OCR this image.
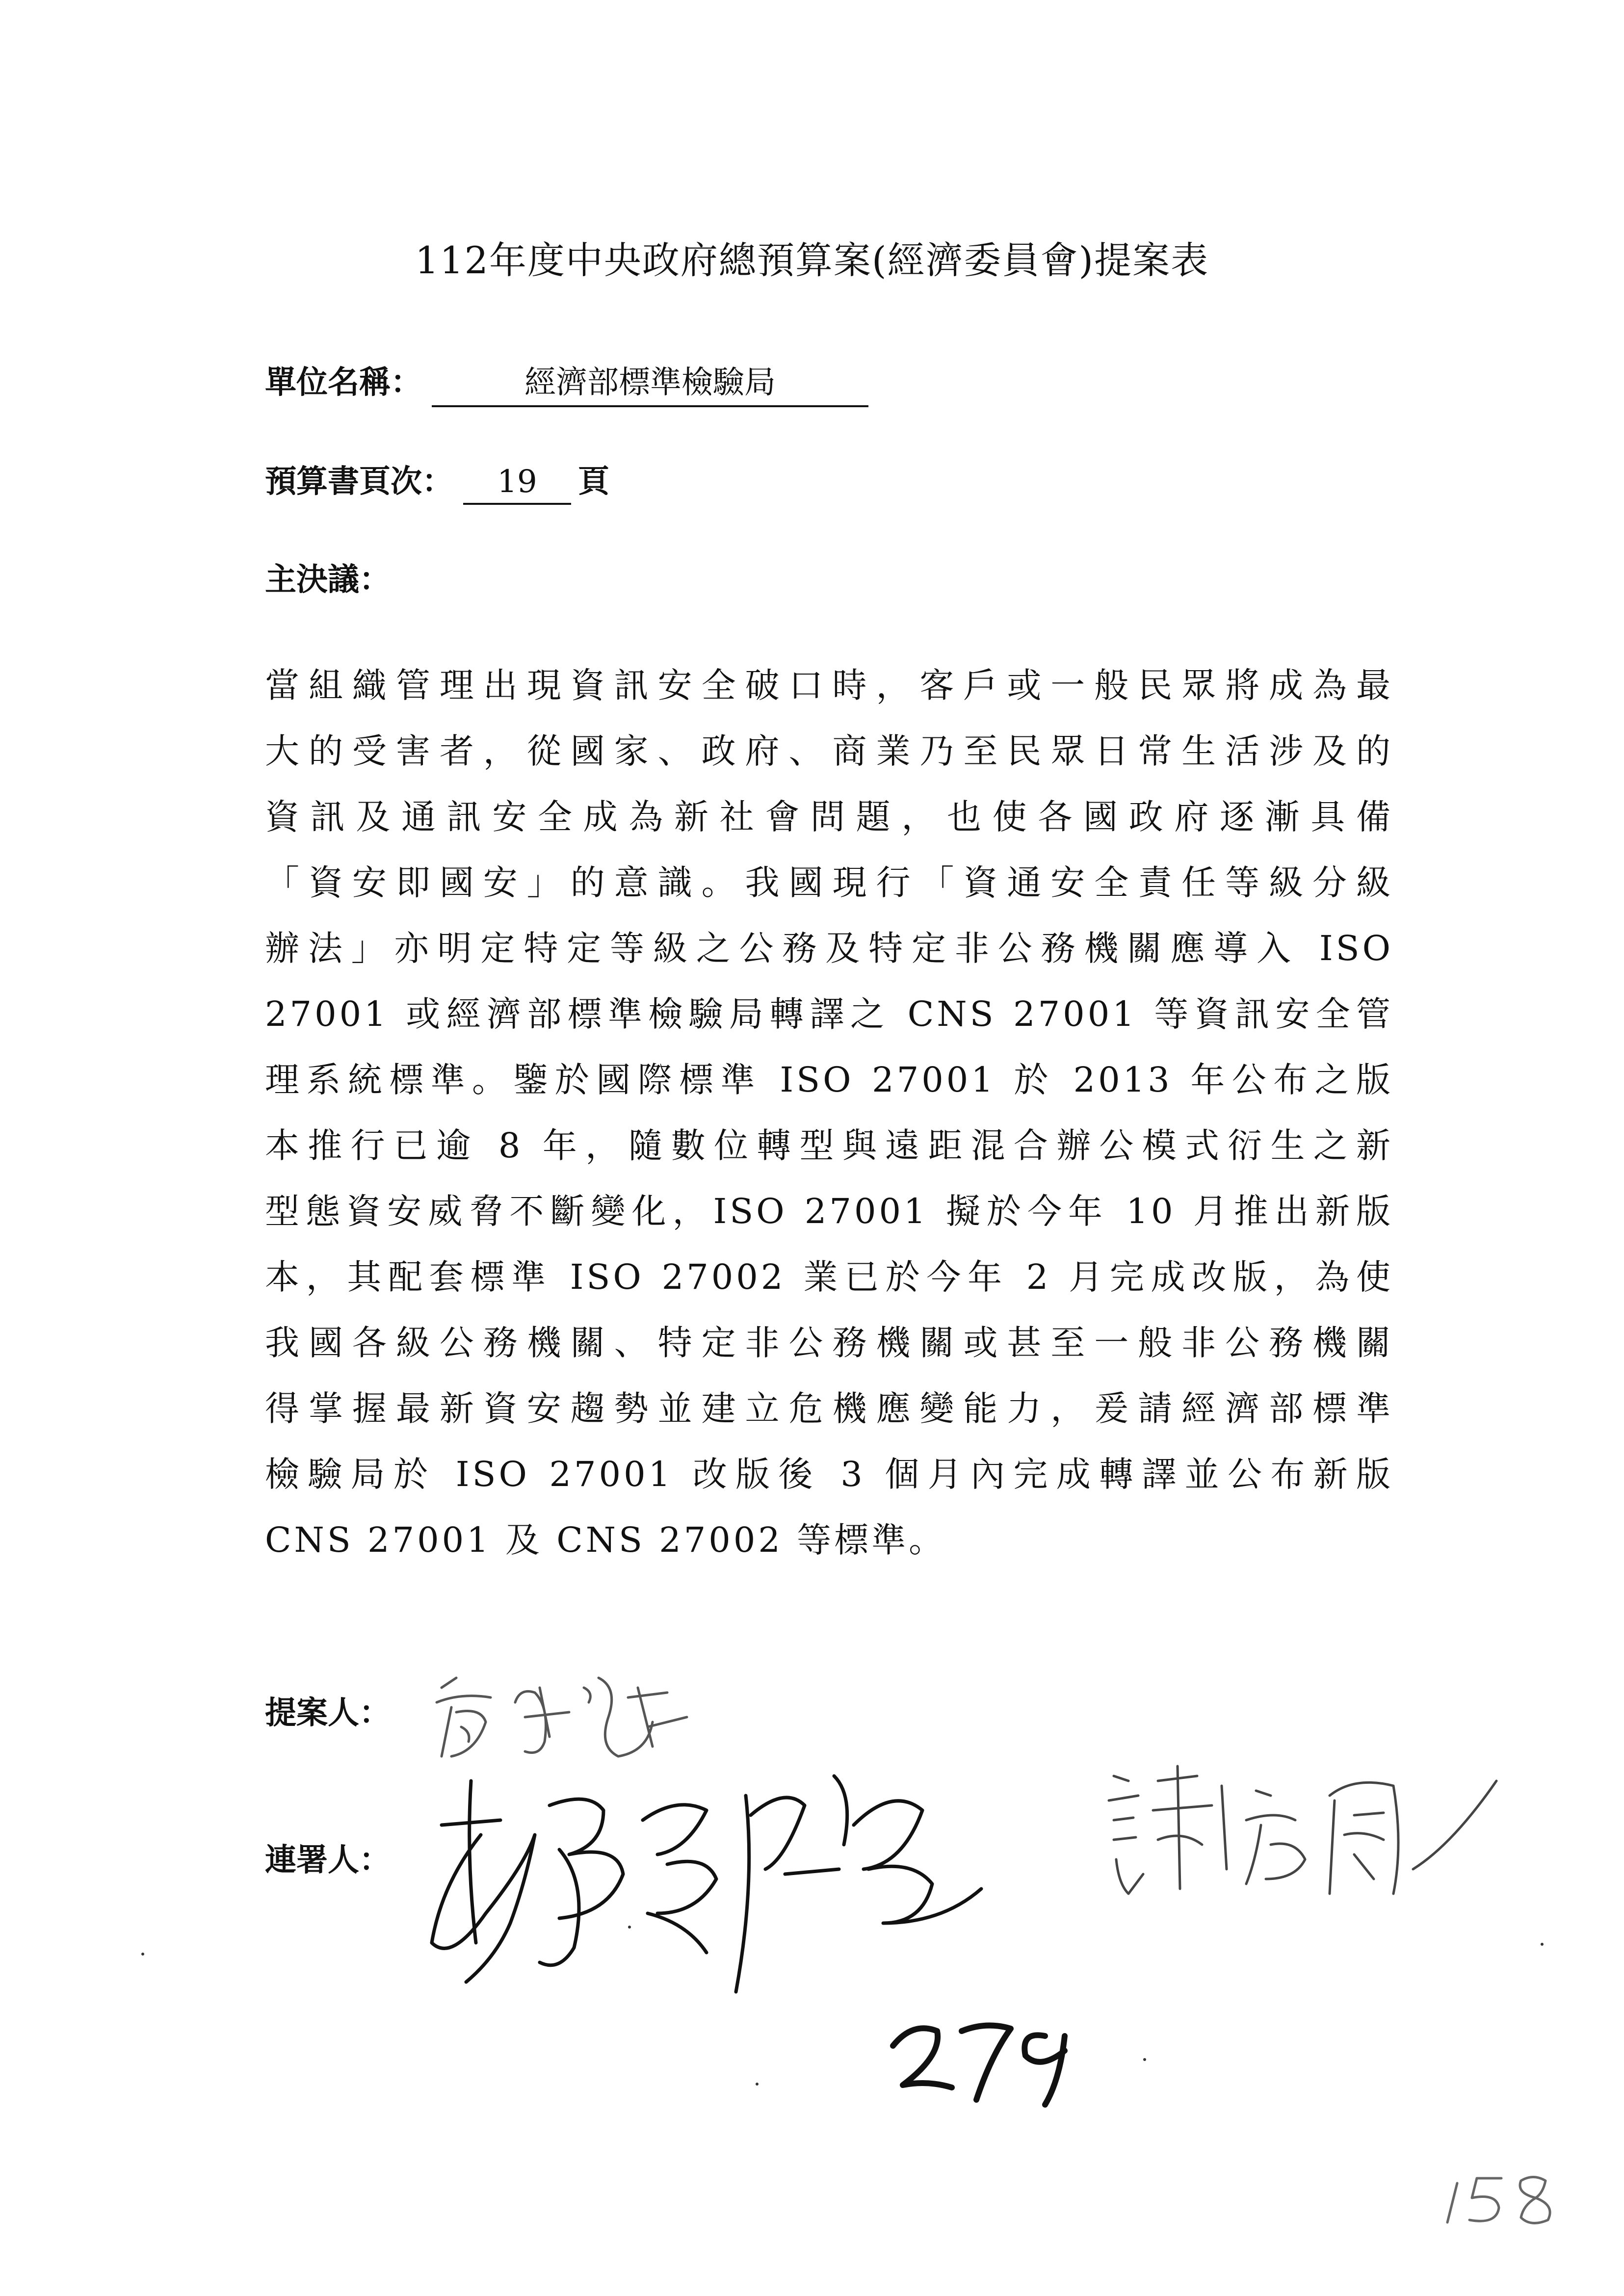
112年度中央政府總預算案(經濟委員會)提案表
單位名稱：	經濟部標準檢驗局
預算書頁次： 19 頁
主決議：
當組織管理出現資訊安全破口時，客戶或一般民眾將成為最
大的受害者，從國家、政府、商業乃至民眾日常生活涉及的
資訊及通訊安全成為新社會問題，也使各國政府逐漸具備
「資安即國安」的意識。我國現行「資通安全責任等級分級
辦法」亦明定特定等級之公務及特定非公務機關應導入 ISO
27001 或經濟部標準檢驗局轉譯之 CNS 27001 等資訊安全管
理系統標準。鑒於國際標準 ISO 27001 於 2013 年公布之版
本推行已逾 8 年，隨數位轉型與遠距混合辦公模式衍生之新
型態資安威脅不斷變化，ISO 27001 擬於今年 10 月推出新版
本，其配套標準 ISO 27002 業已於今年 2 月完成改版，為使
我國各級公務機關、特定非公務機關或甚至一般非公務機關
得掌握最新資安趨勢並建立危機應變能力，爰請經濟部標準
檢驗局於 ISO 27001 改版後 3 個月內完成轉譯並公布新版
CNS 27001 及 CNS 27002 等標準。
提案人：
連署人：
